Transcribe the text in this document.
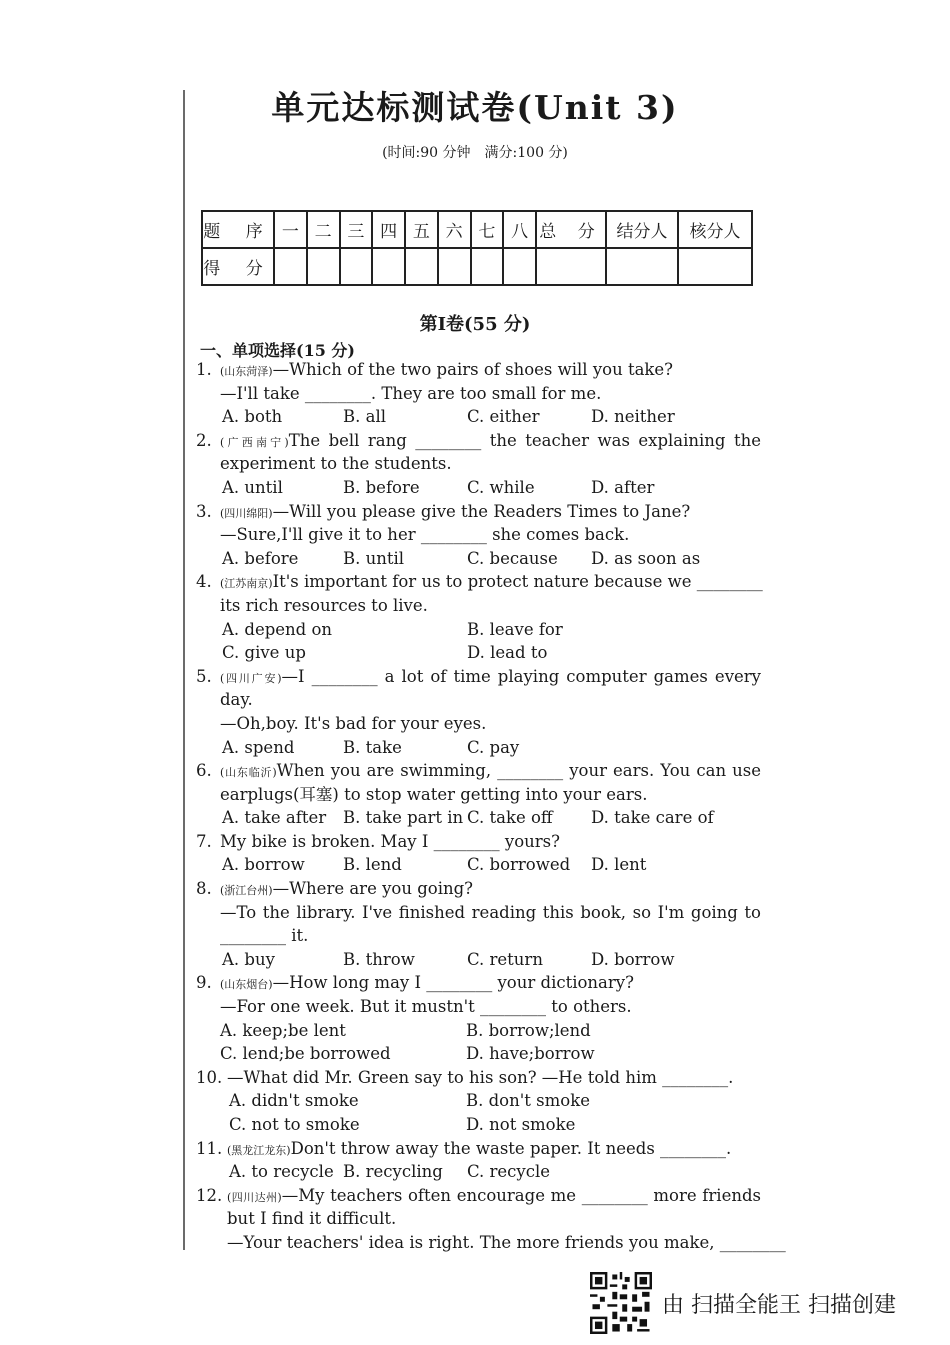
单元达标测试卷(Unit 3)
(时间:90 分钟　满分:100 分)
题 序	一	二	三	四	五	六	七	八	总 分	结分人	核分人
得 分											
第Ⅰ卷(55 分)
一、单项选择(15 分)
1. (山东菏泽)—Which of the two pairs of shoes will you take?
—I'll take ________. They are too small for me.
A. both	B. all	C. either	D. neither
2. (广西南宁)The bell rang ________ the teacher was explaining the
experiment to the students.
A. until	B. before	C. while	D. after
3. (四川绵阳)—Will you please give the Readers Times to Jane?
—Sure,I'll give it to her ________ she comes back.
A. before	B. until	C. because D. as soon as
4. (江苏南京)It's important for us to protect nature because we ________
its rich resources to live.
A. depend on	B. leave for
C. give up	D. lead to
5. (四川广安)—I ________ a lot of time playing computer games every
day.
—Oh,boy. It's bad for your eyes.
A. spend	B. take	C. pay
6. (山东临沂)When you are swimming, ________ your ears. You can use
earplugs(耳塞) to stop water getting into your ears.
A. take after B. take part in C. take off D. take care of
7. My bike is broken. May I ________ yours?
A. borrow B. lend	C. borrowed D. lent
8. (浙江台州)—Where are you going?
—To the library. I've finished reading this book, so I'm going to
________ it.
A. buy	B. throw	C. return	D. borrow
9. (山东烟台)—How long may I ________ your dictionary?
—For one week. But it mustn't ________ to others.
A. keep;be lent	B. borrow;lend
C. lend;be borrowed	D. have;borrow
10. —What did Mr. Green say to his son? —He told him ________.
A. didn't smoke	B. don't smoke
C. not to smoke	D. not smoke
11. (黑龙江龙东)Don't throw away the waste paper. It needs ________.
A. to recycle B. recycling C. recycle
12. (四川达州)—My teachers often encourage me ________ more friends
but I find it difficult.
—Your teachers' idea is right. The more friends you make, ________
由 扫描全能王 扫描创建
